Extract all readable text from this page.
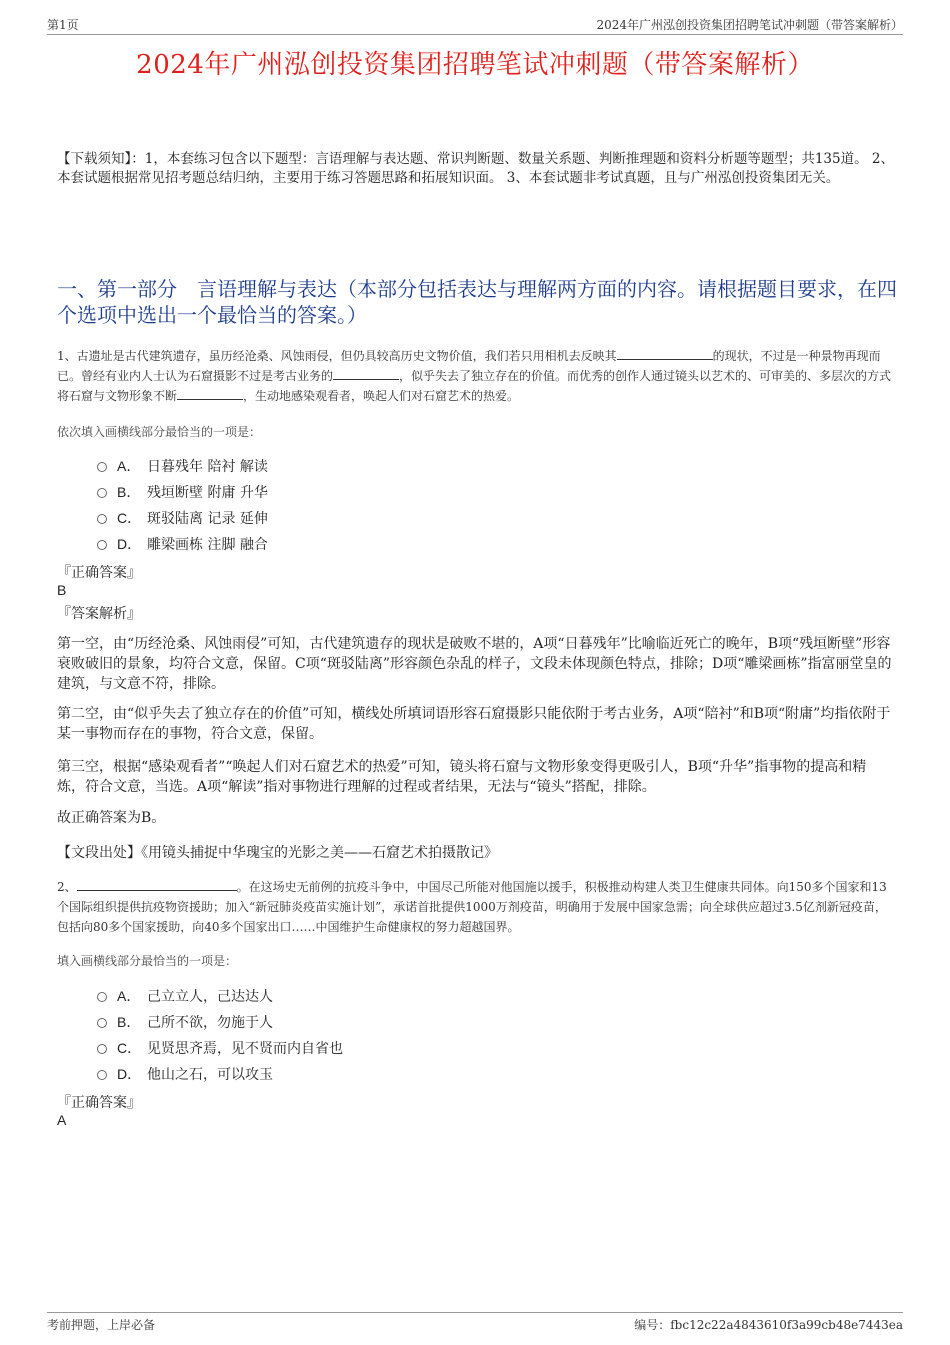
第1页	2024年广州泓创投资集团招聘笔试冲刺题（带答案解析）
2024年广州泓创投资集团招聘笔试冲刺题（带答案解析）
【下载须知】：1，本套练习包含以下题型：言语理解与表达题、常识判断题、数量关系题、判断推理题和资料分析题等题型；共135道。 2、本套试题根据常见招考题总结归纳，主要用于练习答题思路和拓展知识面。 3、本套试题非考试真题，且与广州泓创投资集团无关。
一、第一部分　言语理解与表达（本部分包括表达与理解两方面的内容。请根据题目要求，在四个选项中选出一个最恰当的答案。）
1、古遗址是古代建筑遗存，虽历经沧桑、风蚀雨侵，但仍具较高历史文物价值，我们若只用相机去反映其	的现状，不过是一种景物再现而已。曾经有业内人士认为石窟摄影不过是考古业务的	，似乎失去了独立存在的价值。而优秀的创作人通过镜头以艺术的、可审美的、多层次的方式将石窟与文物形象不断	，生动地感染观看者，唤起人们对石窟艺术的热爱。
依次填入画横线部分最恰当的一项是：
A． 日暮残年 陪衬 解读
B． 残垣断壁 附庸 升华
C． 斑驳陆离 记录 延伸
D． 雕梁画栋 注脚 融合
『正确答案』
B
『答案解析』
第一空，由“历经沧桑、风蚀雨侵”可知，古代建筑遗存的现状是破败不堪的，A项“日暮残年”比喻临近死亡的晚年，B项“残垣断壁”形容衰败破旧的景象，均符合文意，保留。C项“斑驳陆离”形容颜色杂乱的样子，文段未体现颜色特点，排除；D项“雕梁画栋”指富丽堂皇的建筑，与文意不符，排除。
第二空，由“似乎失去了独立存在的价值”可知，横线处所填词语形容石窟摄影只能依附于考古业务，A项“陪衬”和B项“附庸”均指依附于某一事物而存在的事物，符合文意，保留。
第三空，根据“感染观看者”“唤起人们对石窟艺术的热爱”可知，镜头将石窟与文物形象变得更吸引人，B项“升华”指事物的提高和精炼，符合文意，当选。A项“解读”指对事物进行理解的过程或者结果，无法与“镜头”搭配，排除。
故正确答案为B。
【文段出处】《用镜头捕捉中华瑰宝的光影之美——石窟艺术拍摄散记》
2、	。在这场史无前例的抗疫斗争中，中国尽己所能对他国施以援手，积极推动构建人类卫生健康共同体。向150多个国家和13个国际组织提供抗疫物资援助；加入“新冠肺炎疫苗实施计划”，承诺首批提供1000万剂疫苗，明确用于发展中国家急需；向全球供应超过3.5亿剂新冠疫苗，包括向80多个国家援助，向40多个国家出口……中国维护生命健康权的努力超越国界。
填入画横线部分最恰当的一项是：
A． 己立立人，己达达人
B． 己所不欲，勿施于人
C． 见贤思齐焉，见不贤而内自省也
D． 他山之石，可以攻玉
『正确答案』
A
考前押题，上岸必备	编号：fbc12c22a4843610f3a99cb48e7443ea
